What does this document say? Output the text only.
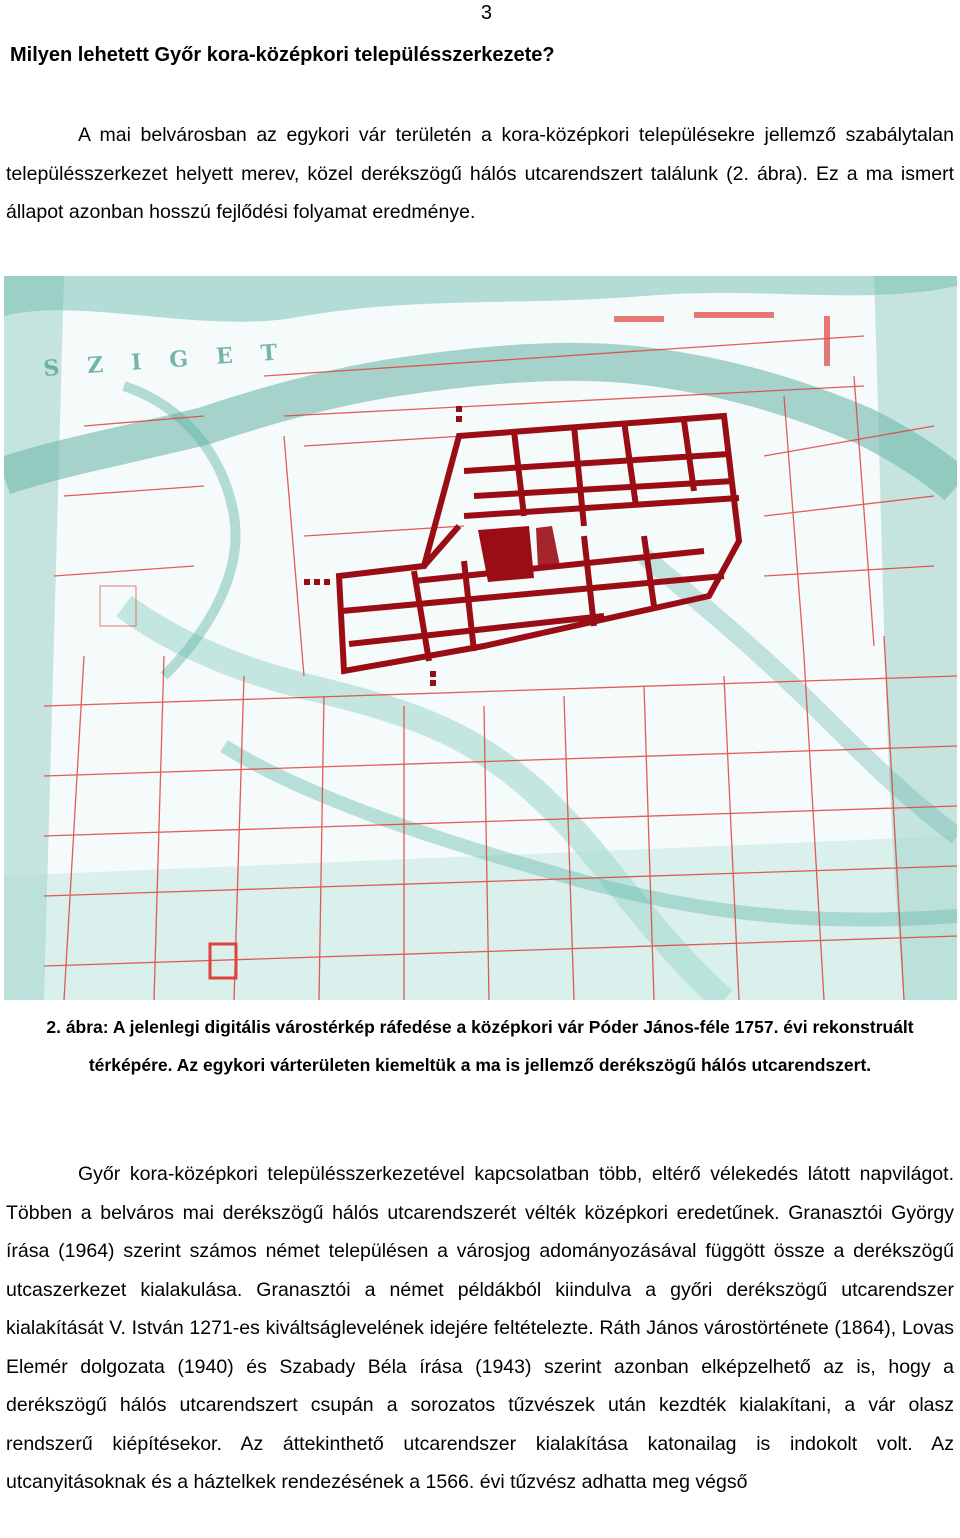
3
Milyen lehetett Győr kora-középkori településszerkezete?

A mai belvárosban az egykori vár területén a kora-középkori településekre jellemző szabálytalan településszerkezet helyett merev, közel derékszögű hálós utcarendszert találunk (2. ábra). Ez a ma ismert állapot azonban hosszú fejlődési folyamat eredménye.

SZIGET

2. ábra: A jelenlegi digitális várostérkép ráfedése a középkori vár Póder János-féle 1757. évi rekonstruált térképére. Az egykori várterületen kiemeltük a ma is jellemző derékszögű hálós utcarendszert.

Győr kora-középkori településszerkezetével kapcsolatban több, eltérő vélekedés látott napvilágot. Többen a belváros mai derékszögű hálós utcarendszerét vélték középkori eredetűnek. Granasztói György írása (1964) szerint számos német településen a városjog adományozásával függött össze a derékszögű utcaszerkezet kialakulása. Granasztói a német példákból kiindulva a győri derékszögű utcarendszer kialakítását V. István 1271-es kiváltságlevelének idejére feltételezte. Ráth János várostörténete (1864), Lovas Elemér dolgozata (1940) és Szabady Béla írása (1943) szerint azonban elképzelhető az is, hogy a derékszögű hálós utcarendszert csupán a sorozatos tűzvészek után kezdték kialakítani, a vár olasz rendszerű kiépítésekor. Az áttekinthető utcarendszer kialakítása katonailag is indokolt volt. Az utcanyitásoknak és a háztelkek rendezésének a 1566. évi tűzvész adhatta meg végső
